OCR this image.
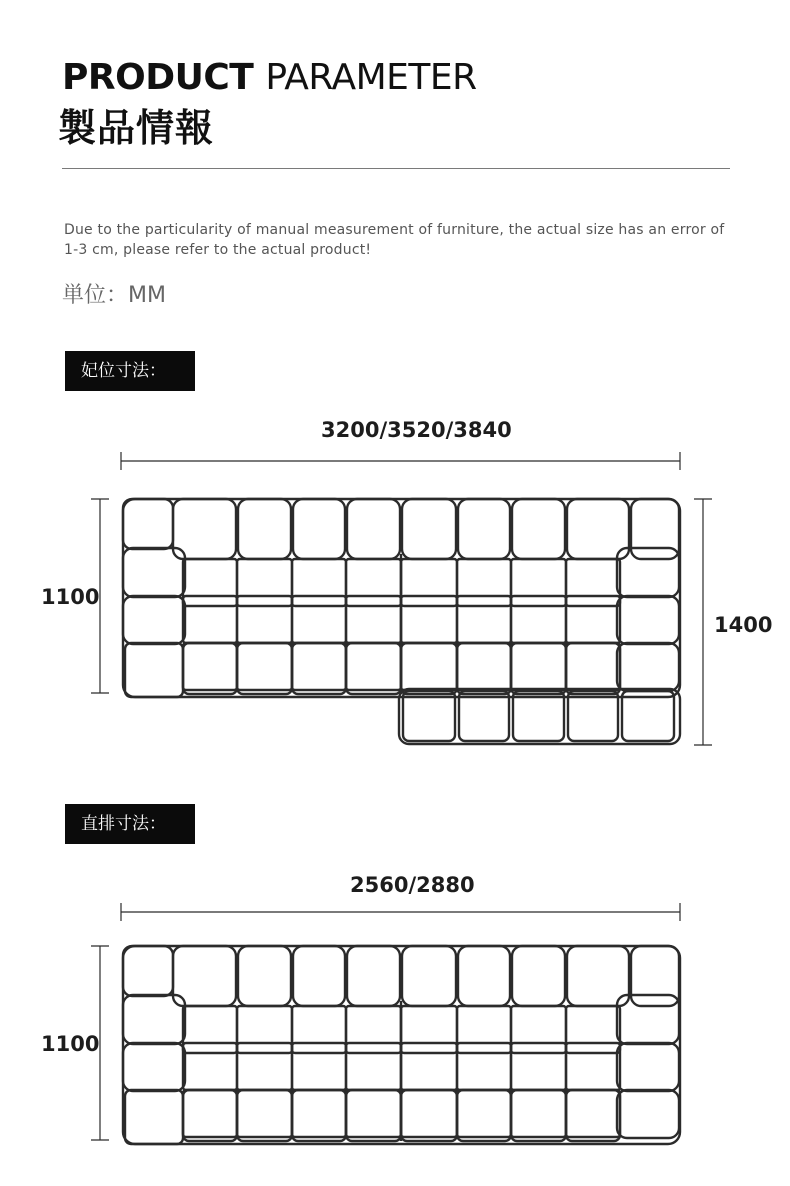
PRODUCT PARAMETER
製品情報
Due to the particularity of manual measurement of furniture, the actual size has an error of 1-3 cm, please refer to the actual product!
単位：MM
妃位寸法：
3200/3520/3840
1100
1400
直排寸法：
2560/2880
1100
